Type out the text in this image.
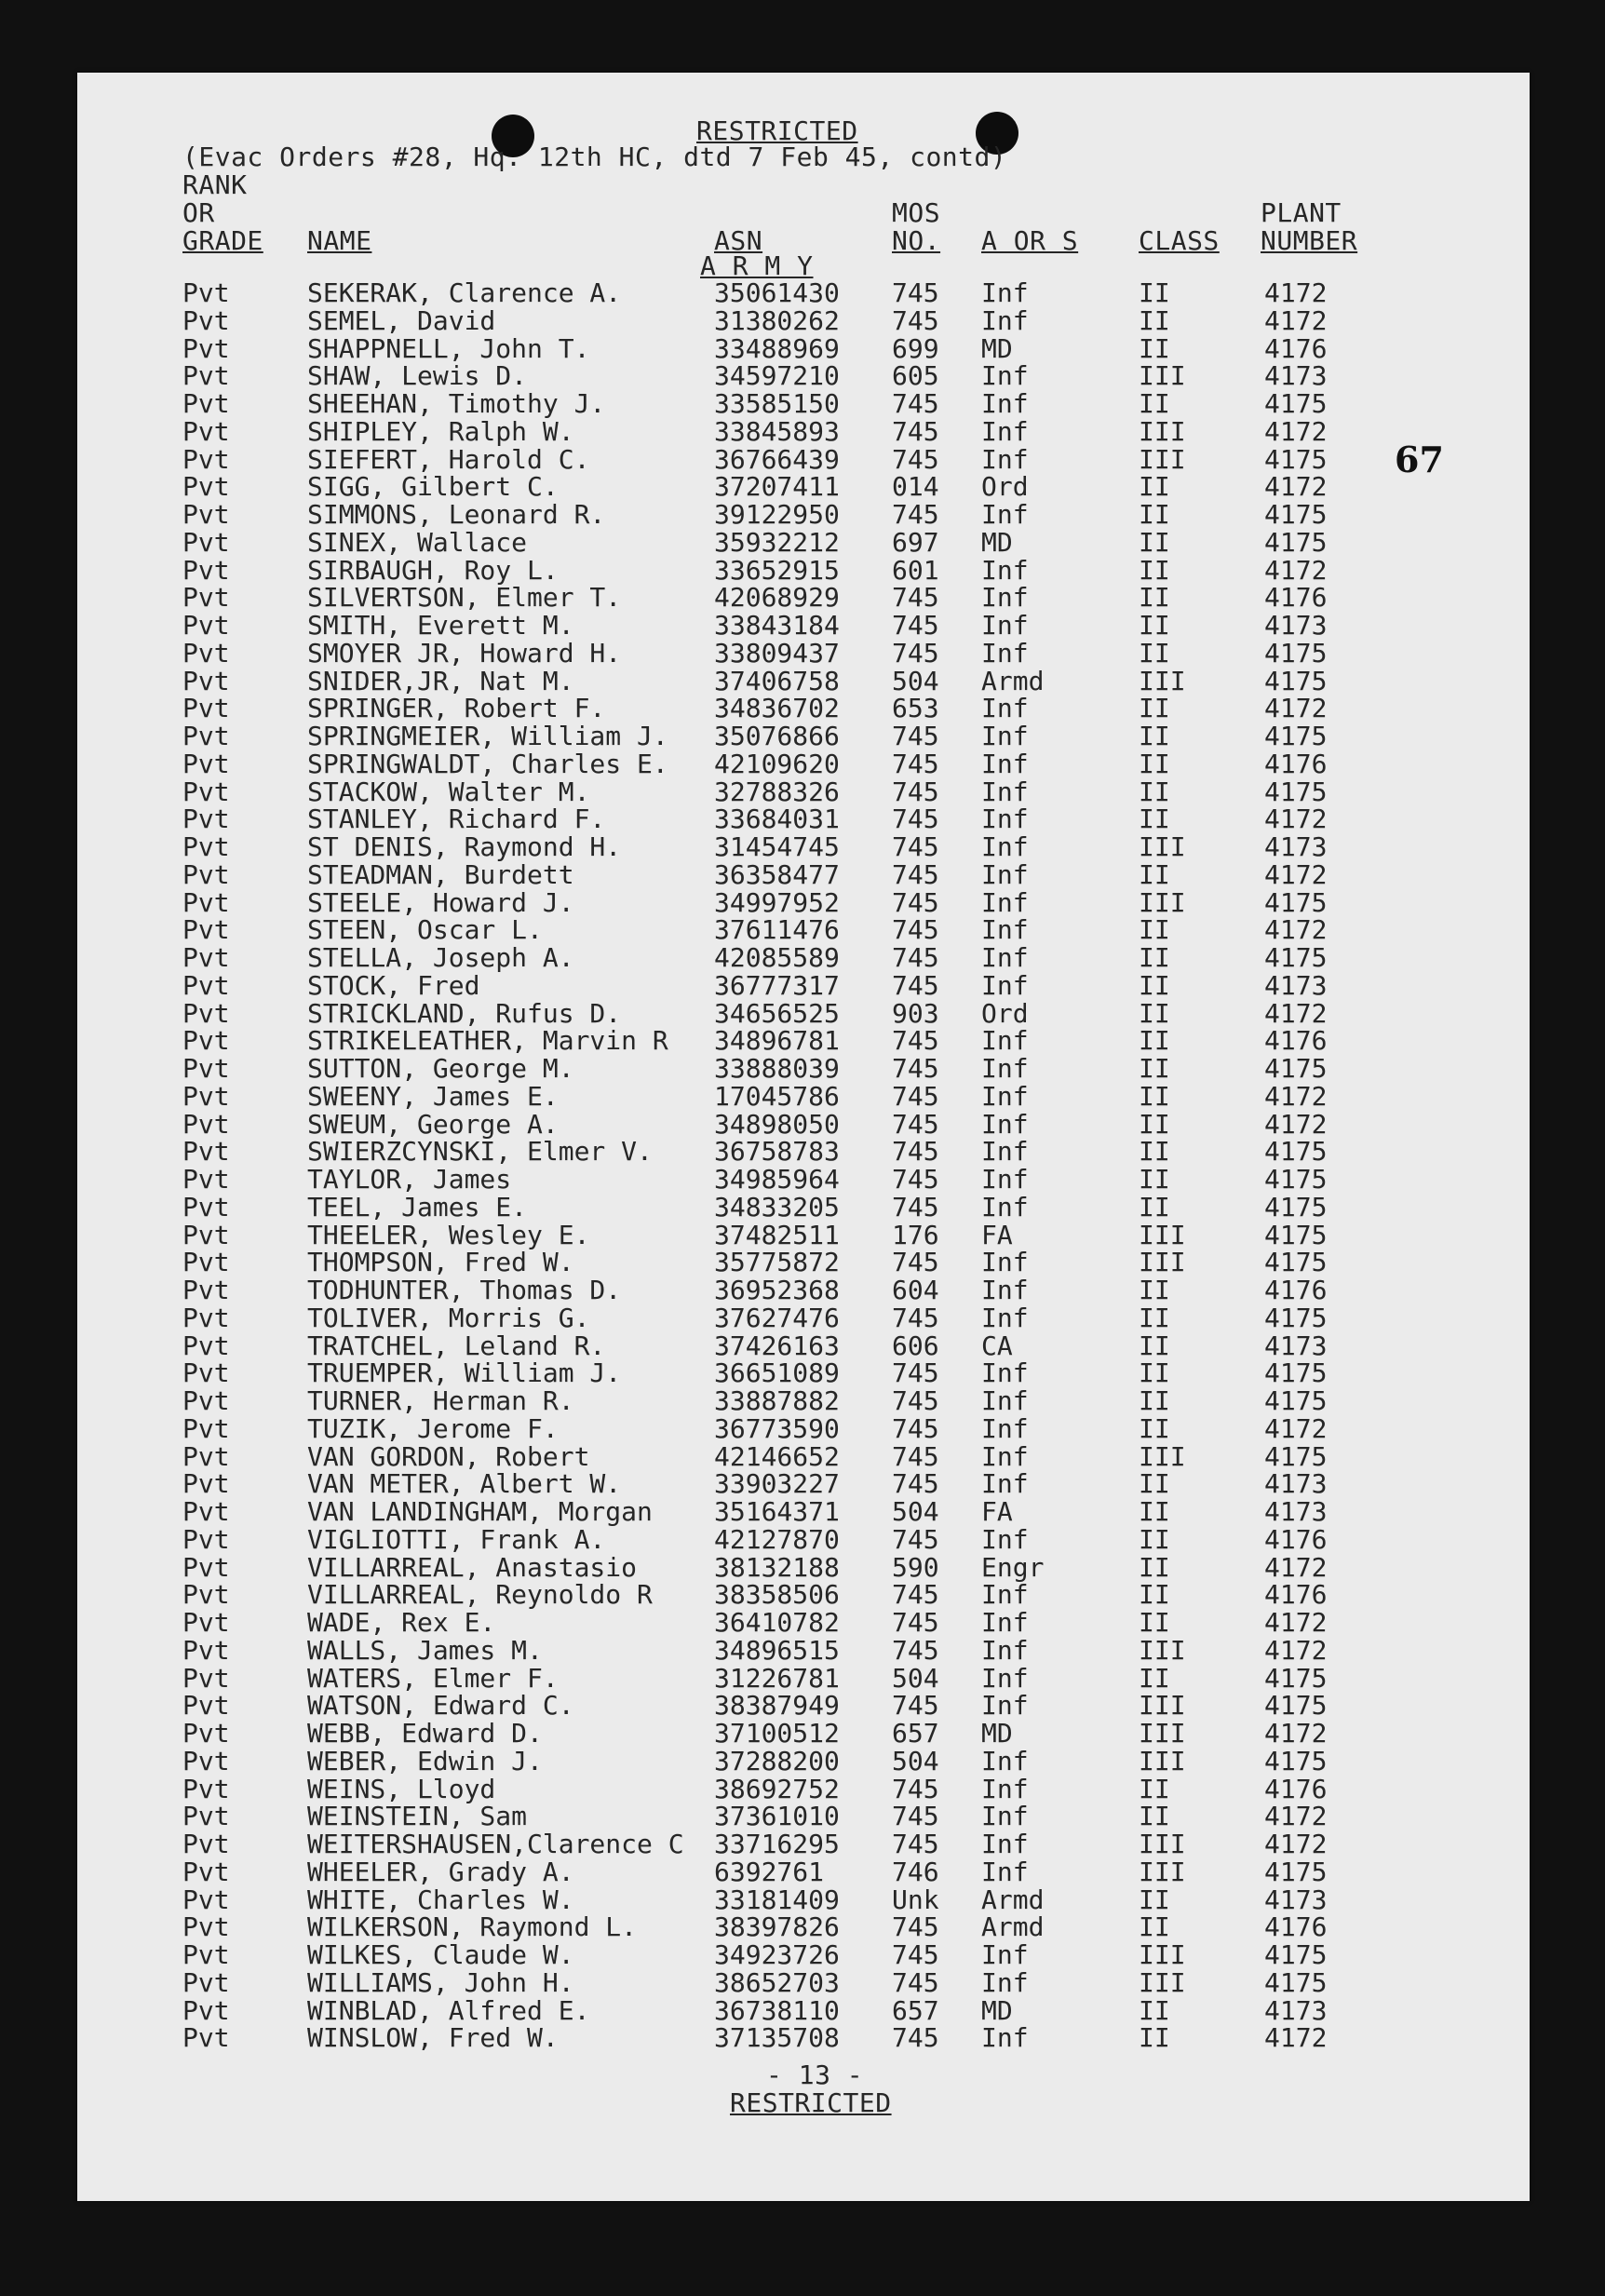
RESTRICTED
(Evac Orders #28, Hq. 12th HC, dtd 7 Feb 45, contd)
67
RANK
OR
GRADE NAME	ASN
MOS
NO. A OR S CLASS
PLANT
NUMBER
A R M Y
Pvt	SEKERAK, Clarence A.	35061430 745 Inf	II	4172
Pvt	SEMEL, David	31380262 745 Inf	II	4172
Pvt	SHAPPNELL, John T.	33488969 699 MD	II	4176
Pvt	SHAW, Lewis D.	34597210 605 Inf	III	4173
Pvt	SHEEHAN, Timothy J.	33585150 745 Inf	II	4175
Pvt	SHIPLEY, Ralph W.	33845893 745 Inf	III	4172
Pvt	SIEFERT, Harold C.	36766439 745 Inf	III	4175
Pvt	SIGG, Gilbert C.	37207411 014 Ord	II	4172
Pvt	SIMMONS, Leonard R.	39122950 745 Inf	II	4175
Pvt	SINEX, Wallace	35932212 697 MD	II	4175
Pvt	SIRBAUGH, Roy L.	33652915 601 Inf	II	4172
Pvt	SILVERTSON, Elmer T.	42068929 745 Inf	II	4176
Pvt	SMITH, Everett M.	33843184 745 Inf	II	4173
Pvt	SMOYER JR, Howard H.	33809437 745 Inf	II	4175
Pvt	SNIDER,JR, Nat M.	37406758 504 Armd	III	4175
Pvt	SPRINGER, Robert F.	34836702 653 Inf	II	4172
Pvt	SPRINGMEIER, William J. 35076866 745 Inf	II	4175
Pvt	SPRINGWALDT, Charles E. 42109620 745 Inf	II	4176
Pvt	STACKOW, Walter M.	32788326 745 Inf	II	4175
Pvt	STANLEY, Richard F.	33684031 745 Inf	II	4172
Pvt	ST DENIS, Raymond H.	31454745 745 Inf	III	4173
Pvt	STEADMAN, Burdett	36358477 745 Inf	II	4172
Pvt	STEELE, Howard J.	34997952 745 Inf	III	4175
Pvt	STEEN, Oscar L.	37611476 745 Inf	II	4172
Pvt	STELLA, Joseph A.	42085589 745 Inf	II	4175
Pvt	STOCK, Fred	36777317 745 Inf	II	4173
Pvt	STRICKLAND, Rufus D.	34656525 903 Ord	II	4172
Pvt	STRIKELEATHER, Marvin R 34896781 745 Inf	II	4176
Pvt	SUTTON, George M.	33888039 745 Inf	II	4175
Pvt	SWEENY, James E.	17045786 745 Inf	II	4172
Pvt	SWEUM, George A.	34898050 745 Inf	II	4172
Pvt	SWIERZCYNSKI, Elmer V. 36758783 745 Inf	II	4175
Pvt	TAYLOR, James	34985964 745 Inf	II	4175
Pvt	TEEL, James E.	34833205 745 Inf	II	4175
Pvt	THEELER, Wesley E.	37482511 176 FA	III	4175
Pvt	THOMPSON, Fred W.	35775872 745 Inf	III	4175
Pvt	TODHUNTER, Thomas D.	36952368 604 Inf	II	4176
Pvt	TOLIVER, Morris G.	37627476 745 Inf	II	4175
Pvt	TRATCHEL, Leland R.	37426163 606 CA	II	4173
Pvt	TRUEMPER, William J.	36651089 745 Inf	II	4175
Pvt	TURNER, Herman R.	33887882 745 Inf	II	4175
Pvt	TUZIK, Jerome F.	36773590 745 Inf	II	4172
Pvt	VAN GORDON, Robert	42146652 745 Inf	III	4175
Pvt	VAN METER, Albert W.	33903227 745 Inf	II	4173
Pvt	VAN LANDINGHAM, Morgan 35164371 504 FA	II	4173
Pvt	VIGLIOTTI, Frank A.	42127870 745 Inf	II	4176
Pvt	VILLARREAL, Anastasio	38132188 590 Engr	II	4172
Pvt	VILLARREAL, Reynoldo R 38358506 745 Inf	II	4176
Pvt	WADE, Rex E.	36410782 745 Inf	II	4172
Pvt	WALLS, James M.	34896515 745 Inf	III	4172
Pvt	WATERS, Elmer F.	31226781 504 Inf	II	4175
Pvt	WATSON, Edward C.	38387949 745 Inf	III	4175
Pvt	WEBB, Edward D.	37100512 657 MD	III	4172
Pvt	WEBER, Edwin J.	37288200 504 Inf	III	4175
Pvt	WEINS, Lloyd	38692752 745 Inf	II	4176
Pvt	WEINSTEIN, Sam	37361010 745 Inf	II	4172
Pvt	WEITERSHAUSEN,Clarence C 33716295 745 Inf	III	4172
Pvt	WHEELER, Grady A.	6392761	746 Inf	III	4175
Pvt	WHITE, Charles W.	33181409 Unk Armd	II	4173
Pvt	WILKERSON, Raymond L.	38397826 745 Armd	II	4176
Pvt	WILKES, Claude W.	34923726 745 Inf	III	4175
Pvt	WILLIAMS, John H.	38652703 745 Inf	III	4175
Pvt	WINBLAD, Alfred E.	36738110 657 MD	II	4173
Pvt	WINSLOW, Fred W.	37135708 745 Inf	II	4172
- 13 -
RESTRICTED
